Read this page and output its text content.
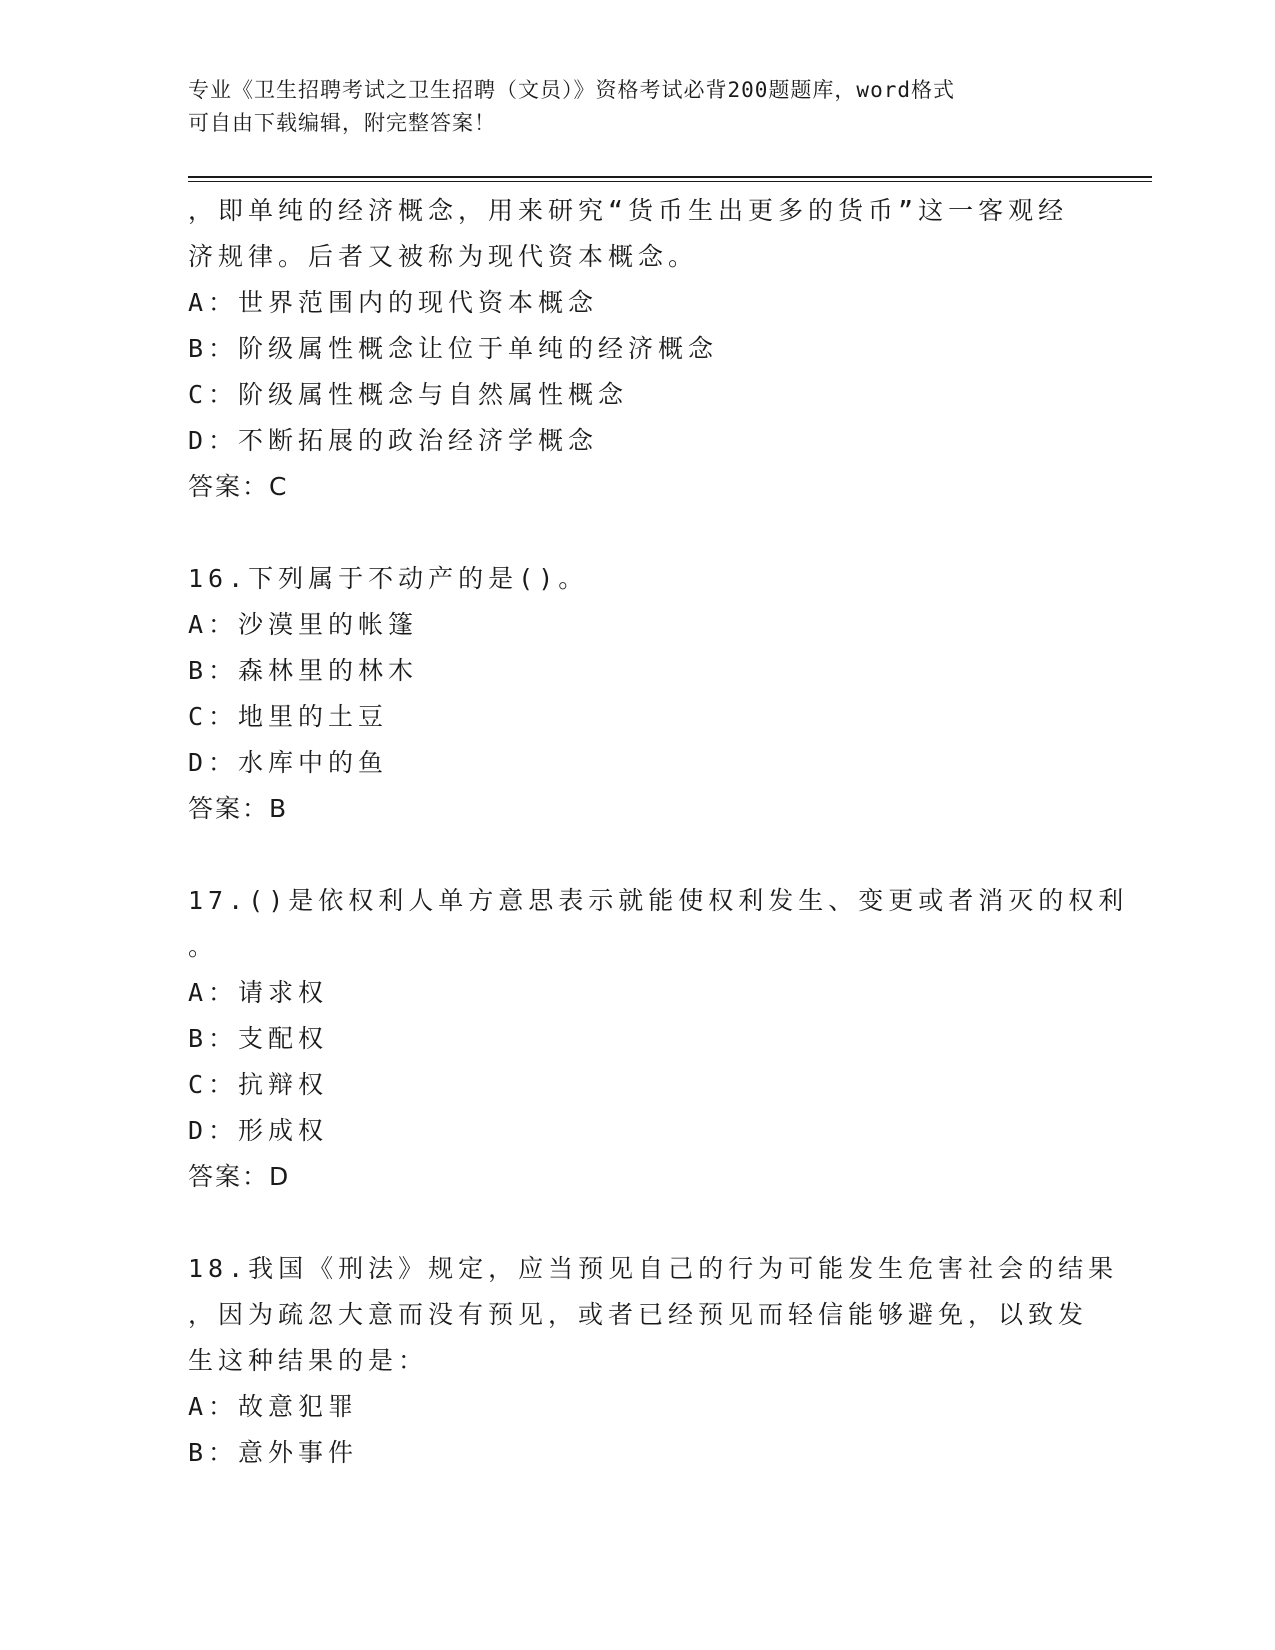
专业《卫生招聘考试之卫生招聘（文员）》资格考试必背200题题库，word格式
可自由下载编辑，附完整答案！
，即单纯的经济概念，用来研究“货币生出更多的货币”这一客观经
济规律。后者又被称为现代资本概念。
A：世界范围内的现代资本概念
B：阶级属性概念让位于单纯的经济概念
C：阶级属性概念与自然属性概念
D：不断拓展的政治经济学概念
答案：C
16.下列属于不动产的是()。
A：沙漠里的帐篷
B：森林里的林木
C：地里的土豆
D：水库中的鱼
答案：B
17.()是依权利人单方意思表示就能使权利发生、变更或者消灭的权利
。
A：请求权
B：支配权
C：抗辩权
D：形成权
答案：D
18.我国《刑法》规定，应当预见自己的行为可能发生危害社会的结果
，因为疏忽大意而没有预见，或者已经预见而轻信能够避免，以致发
生这种结果的是：
A：故意犯罪
B：意外事件
